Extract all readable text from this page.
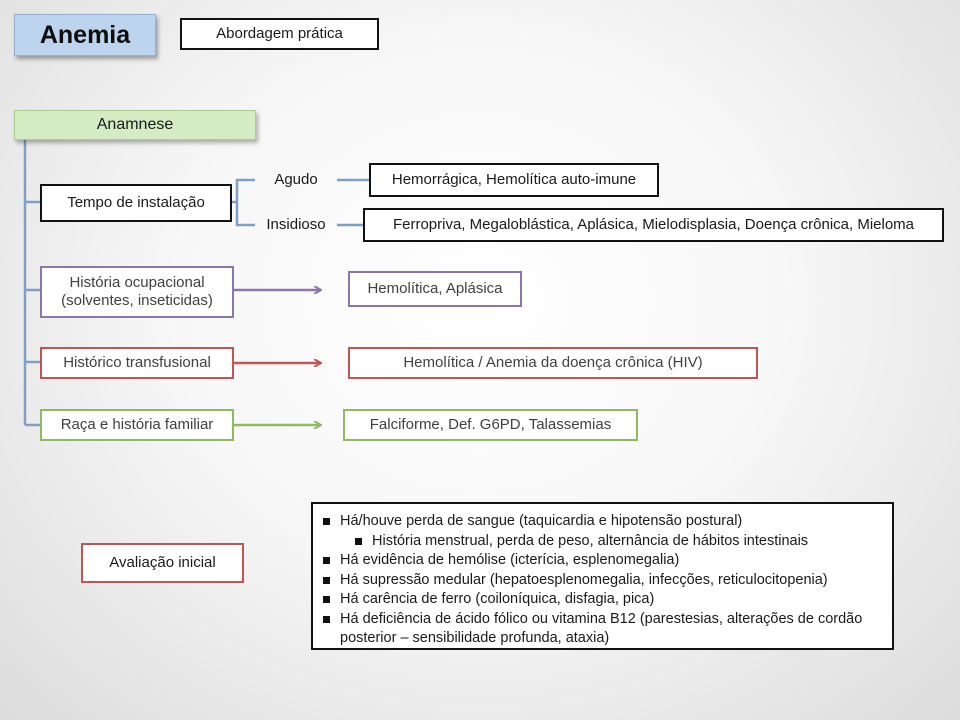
Anemia	Abordagem prática
Anamnese
Tempo de instalação
Agudo
Insidioso
Hemorrágica, Hemolítica auto-imune
Ferropriva, Megaloblástica, Aplásica, Mielodisplasia, Doença crônica, Mieloma
História ocupacional
(solventes, inseticidas)
Hemolítica, Aplásica
Histórico transfusional	Hemolítica / Anemia da doença crônica (HIV)
Raça e história familiar	Falciforme, Def. G6PD, Talassemias
Avaliação inicial
Há/houve perda de sangue (taquicardia e hipotensão postural)
História menstrual, perda de peso, alternância de hábitos intestinais
Há evidência de hemólise (icterícia, esplenomegalia)
Há supressão medular (hepatoesplenomegalia, infecções, reticulocitopenia)
Há carência de ferro (coiloníquica, disfagia, pica)
Há deficiência de ácido fólico ou vitamina B12 (parestesias, alterações de cordão posterior – sensibilidade profunda, ataxia)
